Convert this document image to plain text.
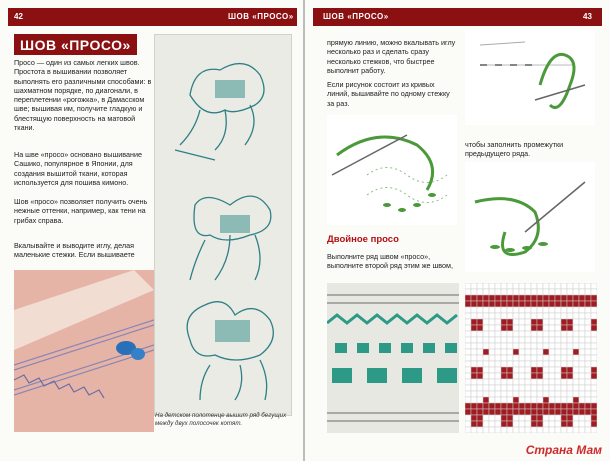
42	ШОВ «ПРОСО»
ШОВ «ПРОСО»
Просо — один из самых легких швов. Простота в вышивании позволяет выполнять его различными способами: в шахматном порядке, по диагонали, в переплетении «рогожка», в Дамасском шве; вышивая им, получите гладкую и блестящую поверхность на матовой ткани.
На шве «просо» основано вышивание Сашико, популярное в Японии, для создания вышитой ткани, которая используется для пошива кимоно.
Шов «просо» позволяет получить очень нежные оттенки, например, как тени на грибах справа.
Вкалывайте и выводите иглу, делая маленькие стежки. Если вышиваете
На детском полотенце вышит ряд бегущих между двух полосочек котят.
ШОВ «ПРОСО»	43
прямую линию, можно вкалывать иглу несколько раз и сделать сразу несколько стежков, что быстрее выполнит работу.
Если рисунок состоит из кривых линий, вышивайте по одному стежку за раз.
чтобы заполнить промежутки предыдущего ряда.
Двойное просо
Выполните ряд швом «просо», выполните второй ряд этим же швом,
Страна Мам
